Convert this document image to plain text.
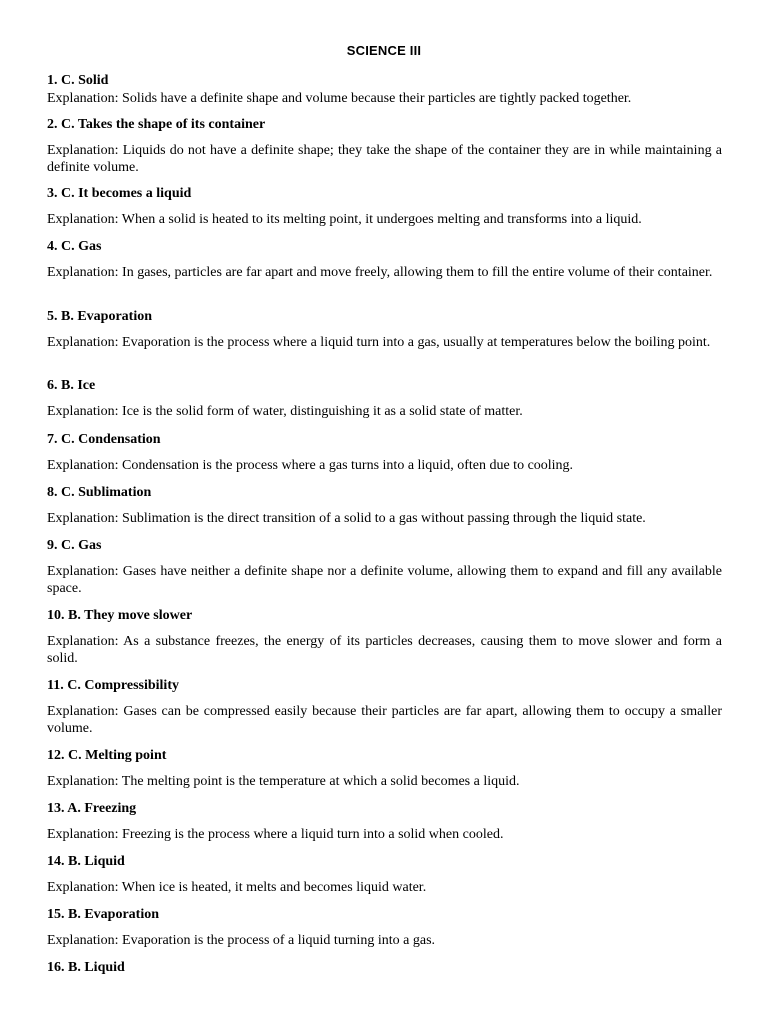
SCIENCE III
1. C. Solid
Explanation: Solids have a definite shape and volume because their particles are tightly packed together.
2. C. Takes the shape of its container
Explanation: Liquids do not have a definite shape; they take the shape of the container they are in while maintaining a definite volume.
3. C. It becomes a liquid
Explanation: When a solid is heated to its melting point, it undergoes melting and transforms into a liquid.
4. C. Gas
Explanation: In gases, particles are far apart and move freely, allowing them to fill the entire volume of their container.
5. B. Evaporation
Explanation: Evaporation is the process where a liquid turn into a gas, usually at temperatures below the boiling point.
6. B. Ice
Explanation: Ice is the solid form of water, distinguishing it as a solid state of matter.
7. C. Condensation
Explanation: Condensation is the process where a gas turns into a liquid, often due to cooling.
8. C. Sublimation
Explanation: Sublimation is the direct transition of a solid to a gas without passing through the liquid state.
9. C. Gas
Explanation: Gases have neither a definite shape nor a definite volume, allowing them to expand and fill any available space.
10. B. They move slower
Explanation: As a substance freezes, the energy of its particles decreases, causing them to move slower and form a solid.
11. C. Compressibility
Explanation: Gases can be compressed easily because their particles are far apart, allowing them to occupy a smaller volume.
12. C. Melting point
Explanation: The melting point is the temperature at which a solid becomes a liquid.
13. A. Freezing
Explanation: Freezing is the process where a liquid turn into a solid when cooled.
14. B. Liquid
Explanation: When ice is heated, it melts and becomes liquid water.
15. B. Evaporation
Explanation: Evaporation is the process of a liquid turning into a gas.
16. B. Liquid
